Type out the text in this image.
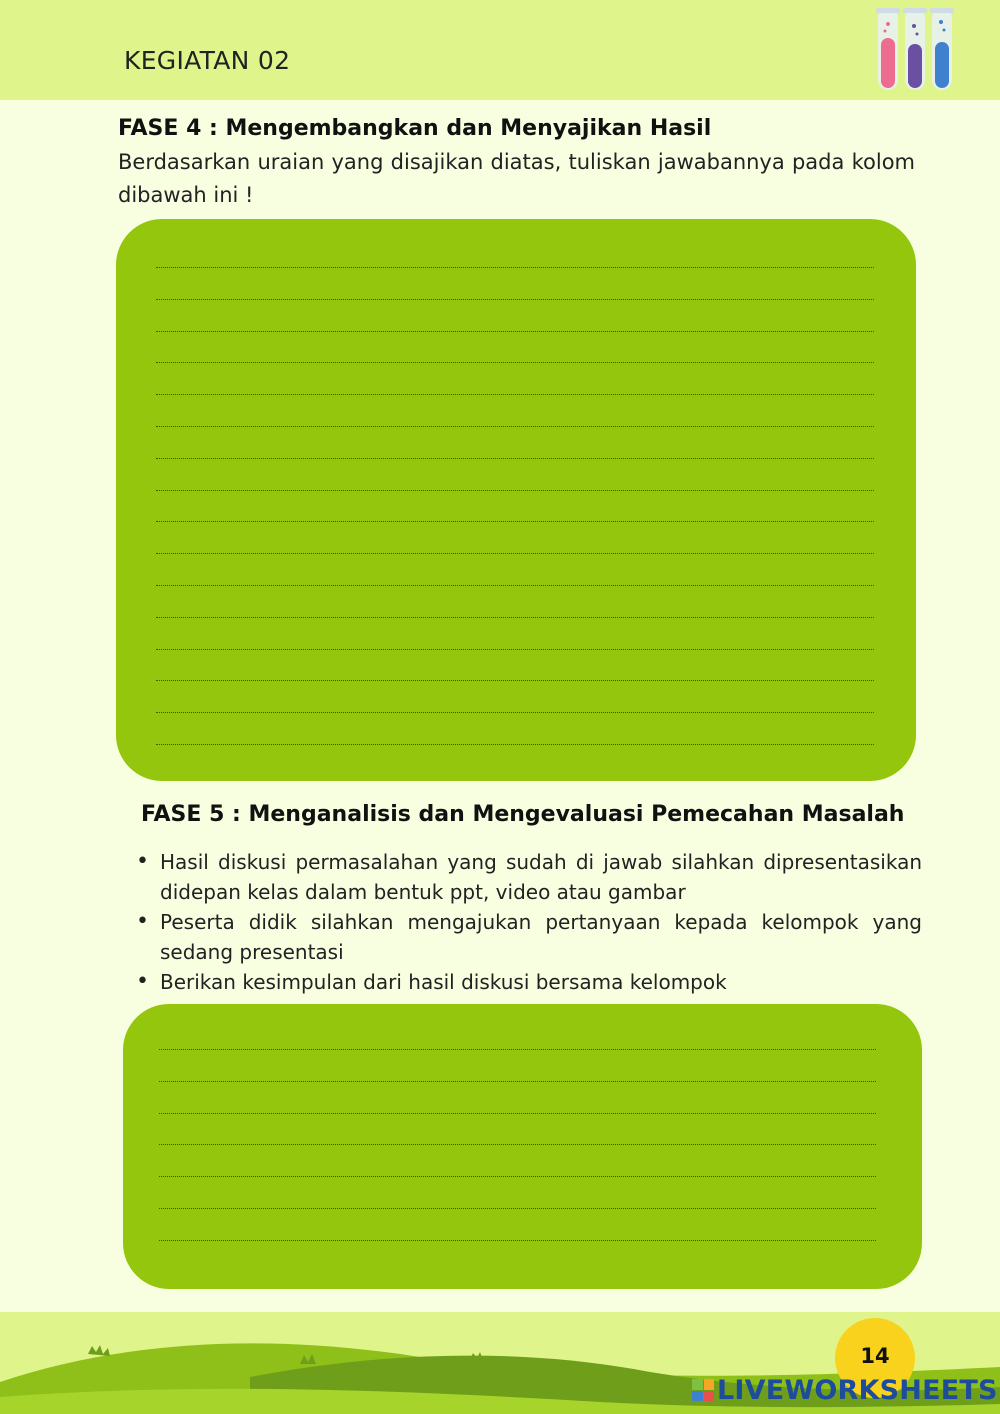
KEGIATAN 02
FASE 4 : Mengembangkan dan Menyajikan Hasil
Berdasarkan uraian yang disajikan diatas, tuliskan jawabannya pada kolom dibawah ini !
FASE 5 : Menganalisis dan Mengevaluasi Pemecahan Masalah
• Hasil diskusi permasalahan yang sudah di jawab silahkan dipresentasikan didepan kelas dalam bentuk ppt, video atau gambar
• Peserta didik silahkan mengajukan pertanyaan kepada kelompok yang sedang presentasi
• Berikan kesimpulan dari hasil diskusi bersama kelompok
14
LIVEWORKSHEETS
